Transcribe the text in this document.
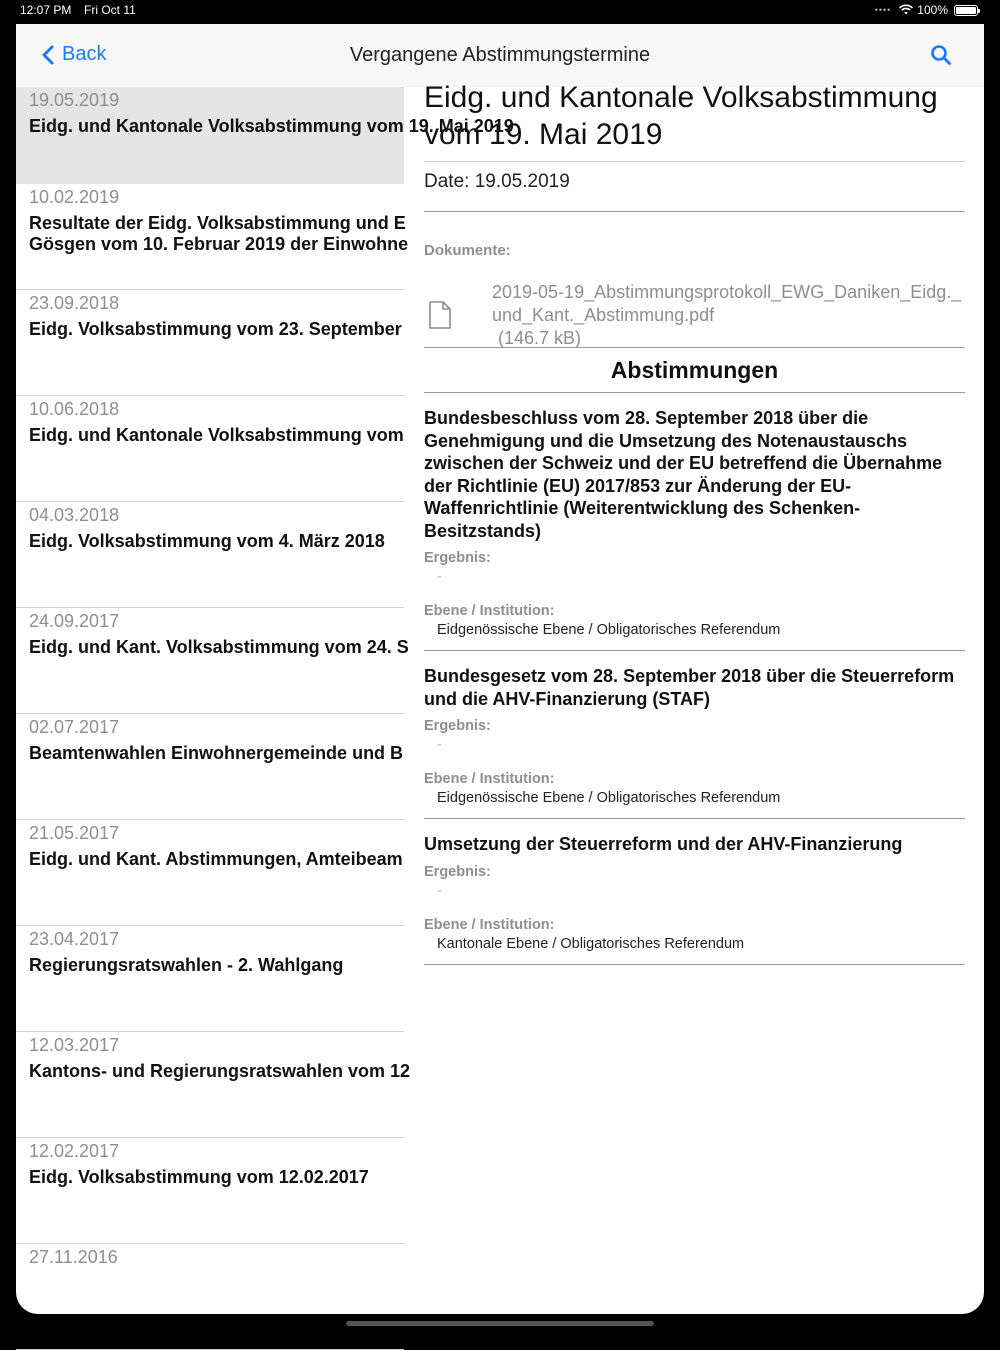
12:07 PM Fri Oct 11	•••• 100%
Back	Vergangene Abstimmungstermine
19.05.2019
Eidg. und Kantonale Volksabstimmung vom 19. Mai 2019
10.02.2019
Resultate der Eidg. Volksabstimmung und E
Gösgen vom 10. Februar 2019 der Einwohne
23.09.2018
Eidg. Volksabstimmung vom 23. September
10.06.2018
Eidg. und Kantonale Volksabstimmung vom
04.03.2018
Eidg. Volksabstimmung vom 4. März 2018
24.09.2017
Eidg. und Kant. Volksabstimmung vom 24. S
02.07.2017
Beamtenwahlen Einwohnergemeinde und B
21.05.2017
Eidg. und Kant. Abstimmungen, Amteibeam
23.04.2017
Regierungsratswahlen - 2. Wahlgang
12.03.2017
Kantons- und Regierungsratswahlen vom 12
12.02.2017
Eidg. Volksabstimmung vom 12.02.2017
27.11.2016
Eidg. und Kantonale Volksabstimmung vom 19. Mai 2019
Date: 19.05.2019
Dokumente:
2019-05-19_Abstimmungsprotokoll_EWG_Daniken_Eidg._und_Kant._Abstimmung.pdf
(146.7 kB)
Abstimmungen
Bundesbeschluss vom 28. September 2018 über die Genehmigung und die Umsetzung des Notenaustauschs zwischen der Schweiz und der EU betreffend die Übernahme der Richtlinie (EU) 2017/853 zur Änderung der EU-Waffenrichtlinie (Weiterentwicklung des Schenken-Besitzstands)
Ergebnis:
-
Ebene / Institution:
Eidgenössische Ebene / Obligatorisches Referendum
Bundesgesetz vom 28. September 2018 über die Steuerreform und die AHV-Finanzierung (STAF)
Ergebnis:
-
Ebene / Institution:
Eidgenössische Ebene / Obligatorisches Referendum
Umsetzung der Steuerreform und der AHV-Finanzierung
Ergebnis:
-
Ebene / Institution:
Kantonale Ebene / Obligatorisches Referendum
